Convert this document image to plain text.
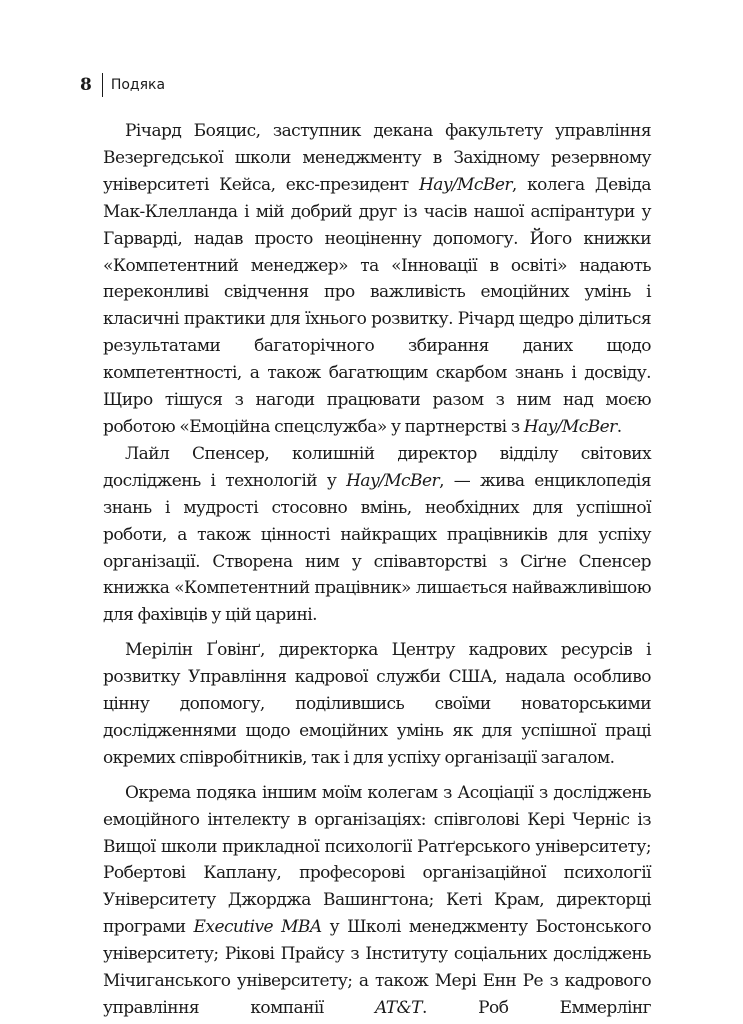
8 Подяка

Річард Бояцис, заступник декана факультету управління Везергедської школи менеджменту в Західному резервному університеті Кейса, екс-президент Hay/McBer, колега Девіда Мак-Клелланда і мій добрий друг із часів нашої аспірантури у Гарварді, надав просто неоціненну допомогу. Його книжки «Компетентний менеджер» та «Інновації в освіті» надають переконливі свідчення про важливість емоційних умінь і класичні практики для їхнього розвитку. Річард щедро ділиться результатами багаторічного збирання даних щодо компетентності, а також багатющим скарбом знань і досвіду. Щиро тішуся з нагоди працювати разом з ним над моєю роботою «Емоційна спецслужба» у партнерстві з Hay/McBer.

Лайл Спенсер, колишній директор відділу світових досліджень і технологій у Hay/McBer, — жива енциклопедія знань і мудрості стосовно вмінь, необхідних для успішної роботи, а також цінності найкращих працівників для успіху організації. Створена ним у співавторстві з Сіґне Спенсер книжка «Компетентний працівник» лишається найважливішою для фахівців у цій царині.

Мерілін Ґовінґ, директорка Центру кадрових ресурсів і розвитку Управління кадрової служби США, надала особливо цінну допомогу, поділившись своїми новаторськими дослідженнями щодо емоційних умінь як для успішної праці окремих співробітників, так і для успіху організації загалом.

Окрема подяка іншим моїм колегам з Асоціації з досліджень емоційного інтелекту в організаціях: співголові Кері Черніс із Вищої школи прикладної психології Ратґерського університету; Робертові Каплану, професорові організаційної психології Університету Джорджа Вашингтона; Кеті Крам, директорці програми Executive MBA у Школі менеджменту Бостонського університету; Рікові Прайсу з Інституту соціальних досліджень Мічиганського університету; а також Мері Енн Ре з кадрового управління компанії AT&T. Роб Еммерлінг
